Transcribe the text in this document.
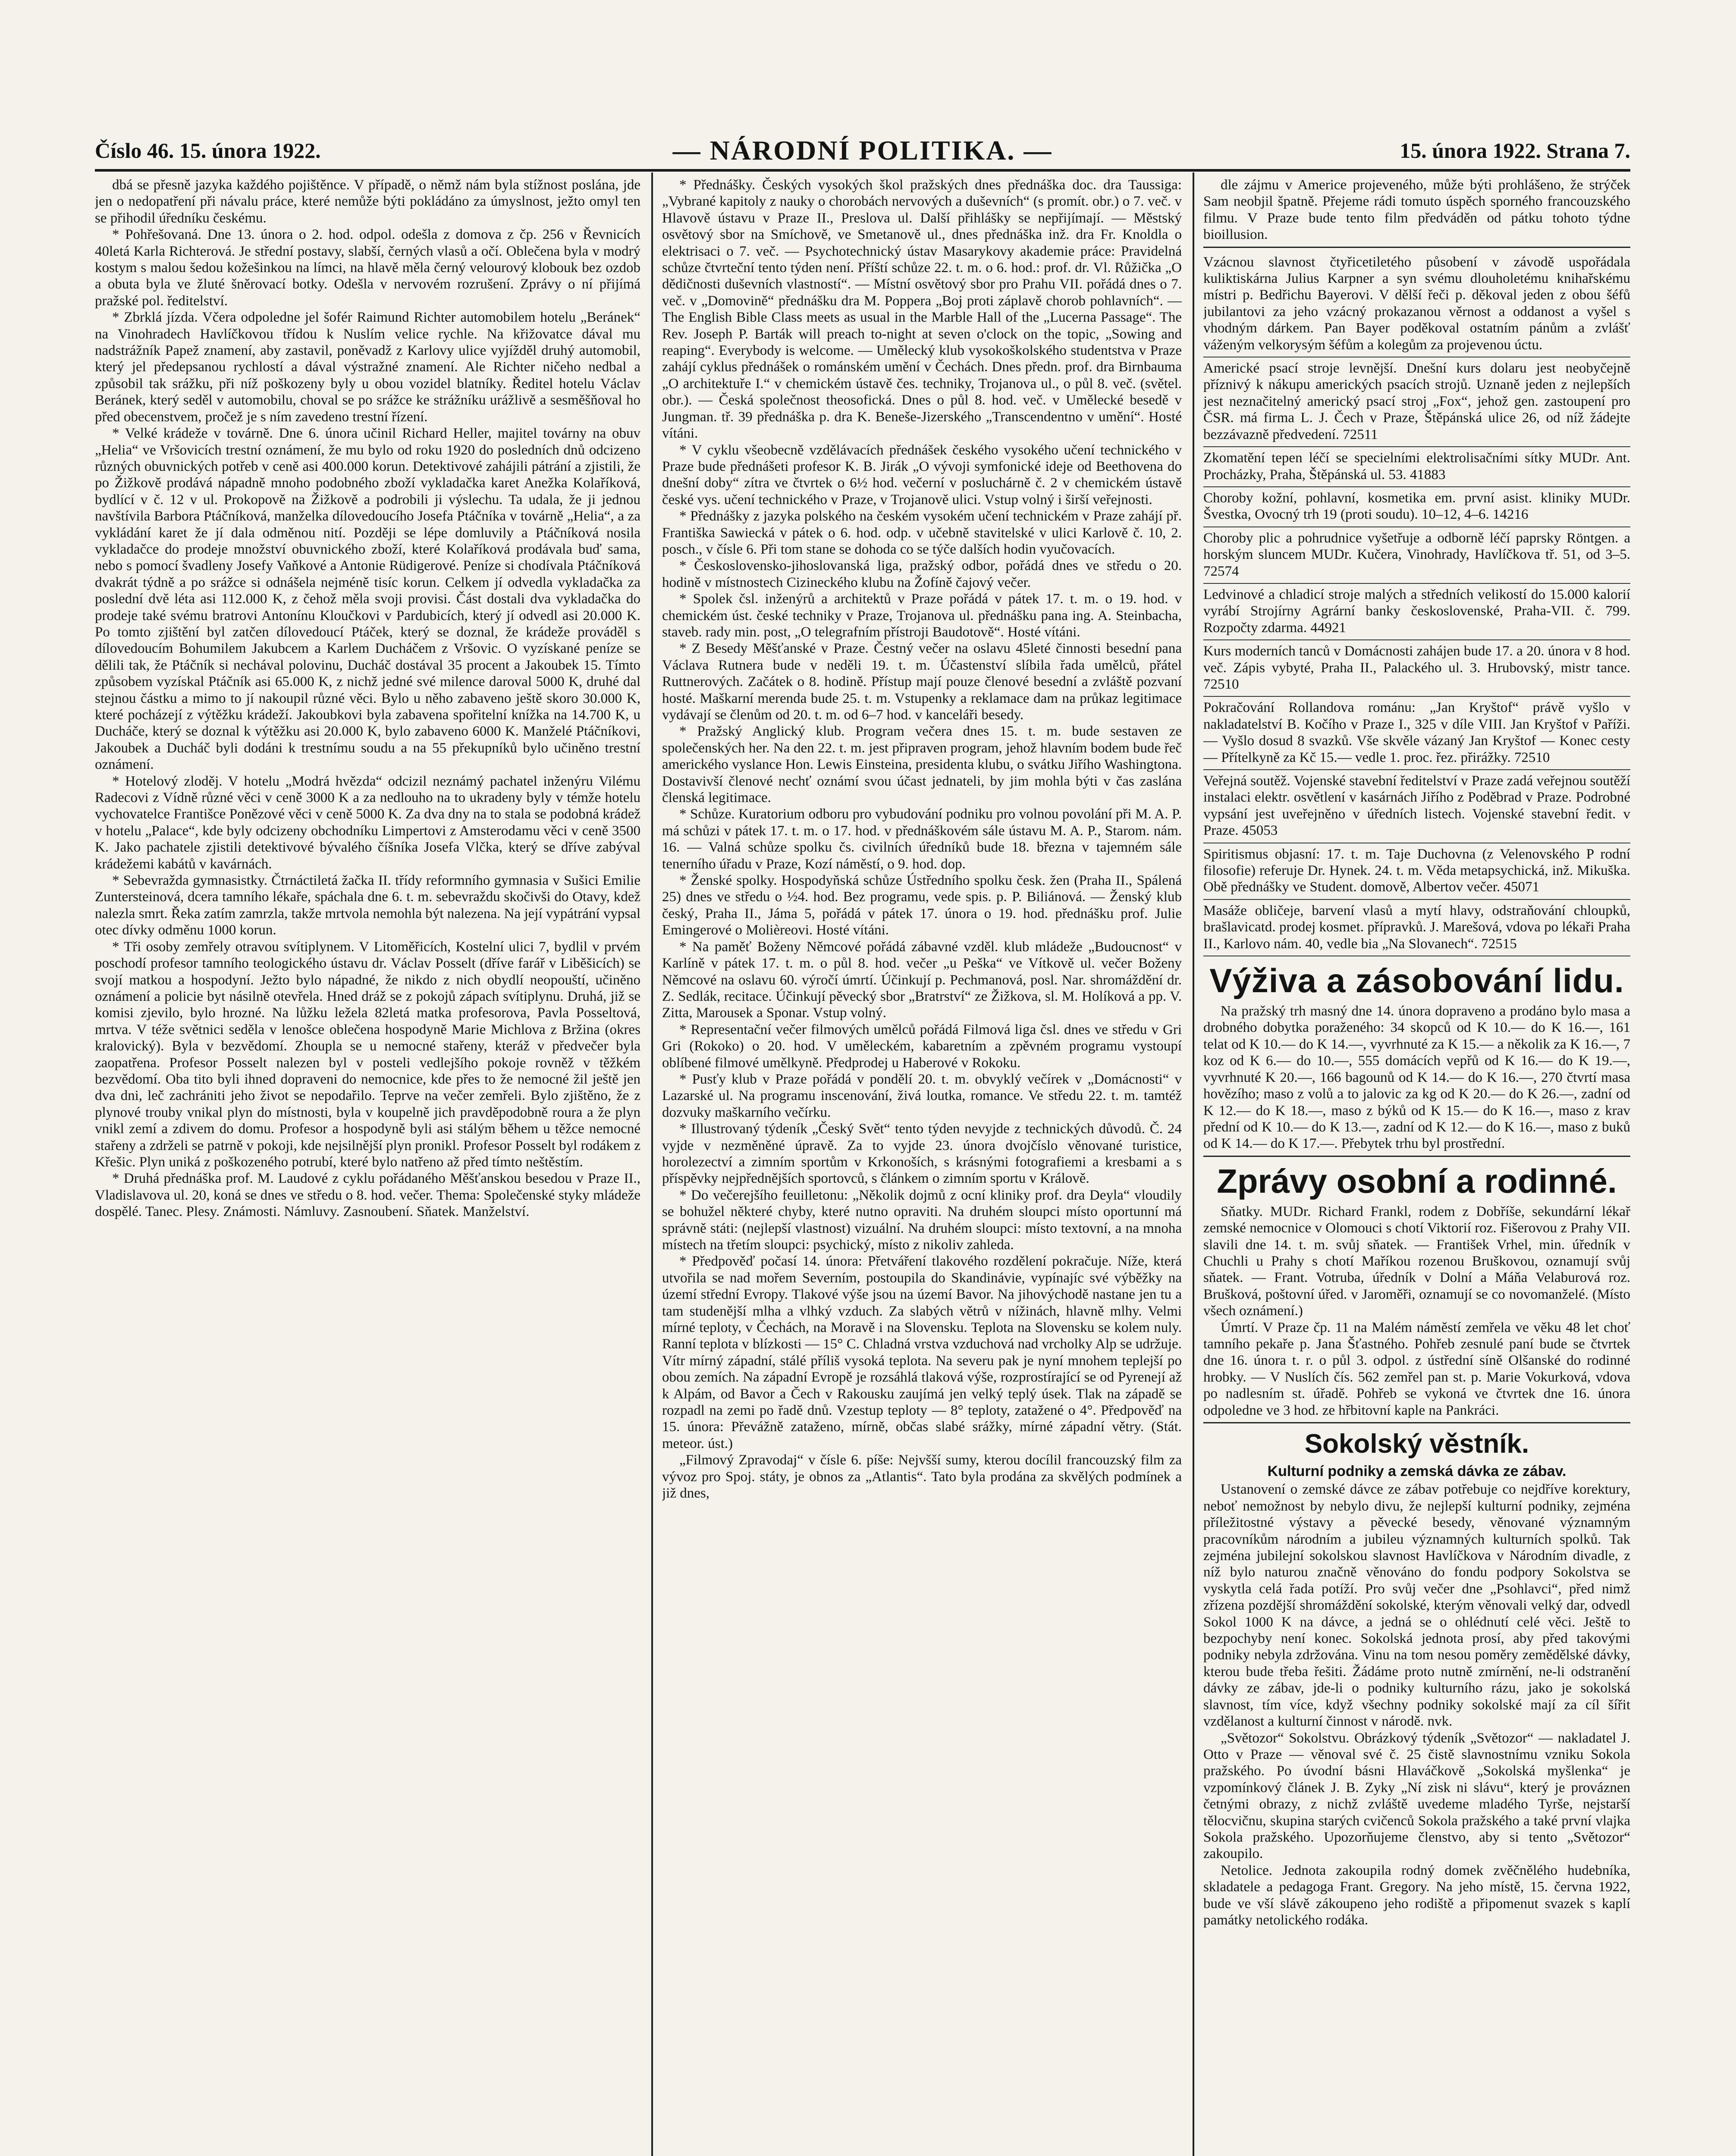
Číslo 46. 15. února 1922.	— NÁRODNÍ POLITIKA. —	15. února 1922. Strana 7.

dbá se přesně jazyka každého pojištěnce. V případě, o němž nám byla stížnost poslána, jde jen o nedopatření při návalu práce, které nemůže býti pokládáno za úmyslnost, ježto omyl ten se přihodil úředníku českému.

* Pohřešovaná. Dne 13. února o 2. hod. odpol. odešla z domova z čp. 256 v Řevnicích 40letá Karla Richterová. Je střední postavy, slabší, černých vlasů a očí. Oblečena byla v modrý kostym s malou šedou kožešinkou na límci, na hlavě měla černý velourový klobouk bez ozdob a obuta byla ve žluté šněrovací botky. Odešla v nervovém rozrušení. Zprávy o ní přijímá pražské pol. ředitelství.

* Zbrklá jízda. Včera odpoledne jel šofér Raimund Richter automobilem hotelu „Beránek“ na Vinohradech Havlíčkovou třídou k Nuslím velice rychle. Na křižovatce dával mu nadstrážník Papež znamení, aby zastavil, poněvadž z Karlovy ulice vyjížděl druhý automobil, který jel předepsanou rychlostí a dával výstražné znamení. Ale Richter ničeho nedbal a způsobil tak srážku, při níž poškozeny byly u obou vozidel blatníky. Ředitel hotelu Václav Beránek, který seděl v automobilu, choval se po srážce ke strážníku urážlivě a sesměšňoval ho před obecenstvem, pročež je s ním zavedeno trestní řízení.

* Velké krádeže v továrně. Dne 6. února učinil Richard Heller, majitel továrny na obuv „Helia“ ve Vršovicích trestní oznámení, že mu bylo od roku 1920 do posledních dnů odcizeno různých obuvnických potřeb v ceně asi 400.000 korun. Detektivové zahájili pátrání a zjistili, že po Žižkově prodává nápadně mnoho podobného zboží vykladačka karet Anežka Kolaříková, bydlící v č. 12 v ul. Prokopově na Žižkově a podrobili ji výslechu. Ta udala, že ji jednou navštívila Barbora Ptáčníková, manželka dílovedoucího Josefa Ptáčníka v továrně „Helia“, a za vykládání karet že jí dala odměnou nití. Později se lépe domluvily a Ptáčníková nosila vykladačce do prodeje množství obuvnického zboží, které Kolaříková prodávala buď sama, nebo s pomocí švadleny Josefy Vaňkové a Antonie Rüdigerové. Peníze si chodívala Ptáčníková dvakrát týdně a po srážce si odnášela nejméně tisíc korun. Celkem jí odvedla vykladačka za poslední dvě léta asi 112.000 K, z čehož měla svoji provisi. Část dostali dva vykladačka do prodeje také svému bratrovi Antonínu Kloučkovi v Pardubicích, který jí odvedl asi 20.000 K. Po tomto zjištění byl zatčen dílovedoucí Ptáček, který se doznal, že krádeže prováděl s dílovedoucím Bohumilem Jakubcem a Karlem Ducháčem z Vršovic. O vyzískané peníze se dělili tak, že Ptáčník si nechával polovinu, Ducháč dostával 35 procent a Jakoubek 15. Tímto způsobem vyzískal Ptáčník asi 65.000 K, z nichž jedné své milence daroval 5000 K, druhé dal stejnou částku a mimo to jí nakoupil různé věci. Bylo u něho zabaveno ještě skoro 30.000 K, které pocházejí z výtěžku krádeží. Jakoubkovi byla zabavena spořitelní knížka na 14.700 K, u Ducháče, který se doznal k výtěžku asi 20.000 K, bylo zabaveno 6000 K. Manželé Ptáčníkovi, Jakoubek a Ducháč byli dodáni k trestnímu soudu a na 55 překupníků bylo učiněno trestní oznámení.

* Hotelový zloděj. V hotelu „Modrá hvězda“ odcizil neznámý pachatel inženýru Vilému Radecovi z Vídně různé věci v ceně 3000 K a za nedlouho na to ukradeny byly v témže hotelu vychovatelce Františce Ponězové věci v ceně 5000 K. Za dva dny na to stala se podobná krádež v hotelu „Palace“, kde byly odcizeny obchodníku Limpertovi z Amsterodamu věci v ceně 3500 K. Jako pachatele zjistili detektivové bývalého číšníka Josefa Vlčka, který se dříve zabýval krádežemi kabátů v kavárnách.

* Sebevražda gymnasistky. Čtrnáctiletá žačka II. třídy reformního gymnasia v Sušici Emilie Zuntersteinová, dcera tamního lékaře, spáchala dne 6. t. m. sebevraždu skočivši do Otavy, kdež nalezla smrt. Řeka zatím zamrzla, takže mrtvola nemohla být nalezena. Na její vypátrání vypsal otec dívky odměnu 1000 korun.

* Tři osoby zemřely otravou svítiplynem. V Litoměřicích, Kostelní ulici 7, bydlil v prvém poschodí profesor tamního teologického ústavu dr. Václav Posselt (dříve farář v Liběšicích) se svojí matkou a hospodyní. Ježto bylo nápadné, že nikdo z nich obydlí neopouští, učiněno oznámení a policie byt násilně otevřela. Hned dráž se z pokojů zápach svítiplynu. Druhá, již se komisi zjevilo, bylo hrozné. Na lůžku ležela 82letá matka profesorova, Pavla Posseltová, mrtva. V téže světnici seděla v lenošce oblečena hospodyně Marie Michlova z Bržina (okres kralovický). Byla v bezvědomí. Zhoupla se u nemocné stařeny, kteráž v předvečer byla zaopatřena. Profesor Posselt nalezen byl v posteli vedlejšího pokoje rovněž v těžkém bezvědomí. Oba tito byli ihned dopraveni do nemocnice, kde přes to že nemocné žil ještě jen dva dni, leč zachrániti jeho život se nepodařilo. Teprve na večer zemřeli. Bylo zjištěno, že z plynové trouby vnikal plyn do místnosti, byla v koupelně jich pravděpodobně roura a že plyn vnikl zemí a zdivem do domu. Profesor a hospodyně byli asi stálým během u těžce nemocné stařeny a zdrželi se patrně v pokoji, kde nejsilnější plyn pronikl. Profesor Posselt byl rodákem z Křešic. Plyn uniká z poškozeného potrubí, které bylo natřeno až před tímto neštěstím.

* Druhá přednáška prof. M. Laudové z cyklu pořádaného Měšťanskou besedou v Praze II., Vladislavova ul. 20, koná se dnes ve středu o 8. hod. večer. Thema: Společenské styky mládeže dospělé. Tanec. Plesy. Známosti. Námluvy. Zasnoubení. Sňatek. Manželství.

* Přednášky. Českých vysokých škol pražských dnes přednáška doc. dra Taussiga: „Vybrané kapitoly z nauky o chorobách nervových a duševních“ (s promít. obr.) o 7. več. v Hlavově ústavu v Praze II., Preslova ul. Další přihlášky se nepřijímají. — Městský osvětový sbor na Smíchově, ve Smetanově ul., dnes přednáška inž. dra Fr. Knoldla o elektrisaci o 7. več. — Psychotechnický ústav Masarykovy akademie práce: Pravidelná schůze čtvrteční tento týden není. Příští schůze 22. t. m. o 6. hod.: prof. dr. Vl. Růžička „O dědičnosti duševních vlastností“. — Místní osvětový sbor pro Prahu VII. pořádá dnes o 7. več. v „Domovině“ přednášku dra M. Poppera „Boj proti záplavě chorob pohlavních“. — The English Bible Class meets as usual in the Marble Hall of the „Lucerna Passage“. The Rev. Joseph P. Barták will preach to-night at seven o'clock on the topic, „Sowing and reaping“. Everybody is welcome. — Umělecký klub vysokoškolského studentstva v Praze zahájí cyklus přednášek o románském umění v Čechách. Dnes předn. prof. dra Birnbauma „O architektuře I.“ v chemickém ústavě čes. techniky, Trojanova ul., o půl 8. več. (světel. obr.). — Česká společnost theosofická. Dnes o půl 8. hod. več. v Umělecké besedě v Jungman. tř. 39 přednáška p. dra K. Beneše-Jizerského „Transcendentno v umění“. Hosté vítáni.

* V cyklu všeobecně vzdělávacích přednášek českého vysokého učení technického v Praze bude přednášeti profesor K. B. Jirák „O vývoji symfonické ideje od Beethovena do dnešní doby“ zítra ve čtvrtek o 6½ hod. večerní v posluchárně č. 2 v chemickém ústavě české vys. učení technického v Praze, v Trojanově ulici. Vstup volný i širší veřejnosti.

* Přednášky z jazyka polského na českém vysokém učení technickém v Praze zahájí př. Františka Sawiecká v pátek o 6. hod. odp. v učebně stavitelské v ulici Karlově č. 10, 2. posch., v čísle 6. Při tom stane se dohoda co se týče dalších hodin vyučovacích.

* Československo-jihoslovanská liga, pražský odbor, pořádá dnes ve středu o 20. hodině v místnostech Cizineckého klubu na Žofíně čajový večer.

* Spolek čsl. inženýrů a architektů v Praze pořádá v pátek 17. t. m. o 19. hod. v chemickém úst. české techniky v Praze, Trojanova ul. přednášku pana ing. A. Steinbacha, staveb. rady min. post, „O telegrafním přístroji Baudotově“. Hosté vítáni.

* Z Besedy Měšťanské v Praze. Čestný večer na oslavu 45leté činnosti besední pana Václava Rutnera bude v neděli 19. t. m. Účastenství slíbila řada umělců, přátel Ruttnerových. Začátek o 8. hodině. Přístup mají pouze členové besední a zvláště pozvaní hosté. Maškarní merenda bude 25. t. m. Vstupenky a reklamace dam na průkaz legitimace vydávají se členům od 20. t. m. od 6–7 hod. v kanceláři besedy.

* Pražský Anglický klub. Program večera dnes 15. t. m. bude sestaven ze společenských her. Na den 22. t. m. jest připraven program, jehož hlavním bodem bude řeč amerického vyslance Hon. Lewis Einsteina, presidenta klubu, o svátku Jiřího Washingtona. Dostavivší členové nechť oznámí svou účast jednateli, by jim mohla býti v čas zaslána členská legitimace.

* Schůze. Kuratorium odboru pro vybudování podniku pro volnou povolání při M. A. P. má schůzi v pátek 17. t. m. o 17. hod. v přednáškovém sále ústavu M. A. P., Starom. nám. 16. — Valná schůze spolku čs. civilních úředníků bude 18. března v tajemném sále tenerního úřadu v Praze, Kozí náměstí, o 9. hod. dop.

* Ženské spolky. Hospodyňská schůze Ústředního spolku česk. žen (Praha II., Spálená 25) dnes ve středu o ½4. hod. Bez programu, vede spis. p. P. Biliánová. — Ženský klub český, Praha II., Jáma 5, pořádá v pátek 17. února o 19. hod. přednášku prof. Julie Emingerové o Molièreovi. Hosté vítáni.

* Na paměť Boženy Němcové pořádá zábavné vzděl. klub mládeže „Budoucnost“ v Karlíně v pátek 17. t. m. o půl 8. hod. večer „u Peška“ ve Vítkově ul. večer Boženy Němcové na oslavu 60. výročí úmrtí. Účinkují p. Pechmanová, posl. Nar. shromáždění dr. Z. Sedlák, recitace. Účinkují pěvecký sbor „Bratrství“ ze Žižkova, sl. M. Holíková a pp. V. Zitta, Marousek a Sponar. Vstup volný.

* Representační večer filmových umělců pořádá Filmová liga čsl. dnes ve středu v Gri Gri (Rokoko) o 20. hod. V uměleckém, kabaretním a zpěvném programu vystoupí oblíbené filmové umělkyně. Předprodej u Haberové v Rokoku.

* Pusťy klub v Praze pořádá v pondělí 20. t. m. obvyklý večírek v „Domácnosti“ v Lazarské ul. Na programu inscenování, živá loutka, romance. Ve středu 22. t. m. tamtéž dozvuky maškarního večírku.

* Illustrovaný týdeník „Český Svět“ tento týden nevyjde z technických důvodů. Č. 24 vyjde v nezměněné úpravě. Za to vyjde 23. února dvojčíslo věnované turistice, horolezectví a zimním sportům v Krkonoších, s krásnými fotografiemi a kresbami a s příspěvky nejpřednějších sportovců, s článkem o zimním sportu v Králově.

* Do večerejšího feuilletonu: „Několik dojmů z ocní kliniky prof. dra Deyla“ vloudily se bohužel některé chyby, které nutno opraviti. Na druhém sloupci místo oportunní má správně státi: (nejlepší vlastnost) vizuální. Na druhém sloupci: místo textovní, a na mnoha místech na třetím sloupci: psychický, místo z nikoliv zahleda.

* Předpověď počasí 14. února: Přetváření tlakového rozdělení pokračuje. Níže, která utvořila se nad mořem Severním, postoupila do Skandinávie, vypínajíc své výběžky na území střední Evropy. Tlakové výše jsou na území Bavor. Na jihovýchodě nastane jen tu a tam studenější mlha a vlhký vzduch. Za slabých větrů v nížinách, hlavně mlhy. Velmi mírné teploty, v Čechách, na Moravě i na Slovensku. Teplota na Slovensku se kolem nuly. Ranní teplota v blízkosti — 15° C. Chladná vrstva vzduchová nad vrcholky Alp se udržuje. Vítr mírný západní, stálé příliš vysoká teplota. Na severu pak je nyní mnohem teplejší po obou zemích. Na západní Evropě je rozsáhlá tlaková výše, rozprostírající se od Pyrenejí až k Alpám, od Bavor a Čech v Rakousku zaujímá jen velký teplý úsek. Tlak na západě se rozpadl na zemi po řadě dnů. Vzestup teploty — 8° teploty, zatažené o 4°. Předpověď na 15. února: Převážně zataženo, mírně, občas slabé srážky, mírné západní větry. (Stát. meteor. úst.)

„Filmový Zpravodaj“ v čísle 6. píše: Nejvšší sumy, kterou docílil francouzský film za vývoz pro Spoj. státy, je obnos za „Atlantis“. Tato byla prodána za skvělých podmínek a již dnes,

dle zájmu v Americe projeveného, může býti prohlášeno, že strýček Sam neobjil špatně. Přejeme rádi tomuto úspěch sporného francouzského filmu. V Praze bude tento film předváděn od pátku tohoto týdne bioillusion.

Vzácnou slavnost čtyřicetiletého působení v závodě uspořádala kuliktiskárna Julius Karpner a syn svému dlouholetému knihařskému místri p. Bedřichu Bayerovi. V dělší řeči p. děkoval jeden z obou šéfů jubilantovi za jeho vzácný prokazanou věrnost a oddanost a vyšel s vhodným dárkem. Pan Bayer poděkoval ostatním pánům a zvlášť váženým velkorysým šéfům a kolegům za projevenou úctu.
Americké psací stroje levnější. Dnešní kurs dolaru jest neobyčejně příznivý k nákupu amerických psacích strojů. Uznaně jeden z nejlepších jest neznačitelný americký psací stroj „Fox“, jehož gen. zastoupení pro ČSR. má firma L. J. Čech v Praze, Štěpánská ulice 26, od níž žádejte bezzávazně předvedení. 72511
Zkomatění tepen léčí se specielními elektrolisačními sítky MUDr. Ant. Procházky, Praha, Štěpánská ul. 53. 41883
Choroby kožní, pohlavní, kosmetika em. první asist. kliniky MUDr. Švestka, Ovocný trh 19 (proti soudu). 10–12, 4–6. 14216
Choroby plic a pohrudnice vyšetřuje a odborně léčí paprsky Röntgen. a horským sluncem MUDr. Kučera, Vinohrady, Havlíčkova tř. 51, od 3–5. 72574
Ledvinové a chladicí stroje malých a středních velikostí do 15.000 kalorií vyrábí Strojírny Agrární banky československé, Praha-VII. č. 799. Rozpočty zdarma. 44921
Kurs moderních tanců v Domácnosti zahájen bude 17. a 20. února v 8 hod. več. Zápis vybyté, Praha II., Palackého ul. 3. Hrubovský, mistr tance. 72510
Pokračování Rollandova románu: „Jan Kryštof“ právě vyšlo v nakladatelství B. Kočího v Praze I., 325 v díle VIII. Jan Kryštof v Paříži. — Vyšlo dosud 8 svazků. Vše skvěle vázaný Jan Kryštof — Konec cesty — Přítelkyně za Kč 15.— vedle 1. proc. řez. přirážky. 72510
Veřejná soutěž. Vojenské stavební ředitelství v Praze zadá veřejnou soutěží instalaci elektr. osvětlení v kasárnách Jiřího z Poděbrad v Praze. Podrobné vypsání jest uveřejněno v úředních listech. Vojenské stavební ředit. v Praze. 45053
Spiritismus objasní: 17. t. m. Taje Duchovna (z Velenovského P rodní filosofie) referuje Dr. Hynek. 24. t. m. Věda metapsychická, inž. Mikuška. Obě přednášky ve Student. domově, Albertov večer. 45071
Masáže obličeje, barvení vlasů a mytí hlavy, odstraňování chloupků, brašlavicatd. prodej kosmet. přípravků. J. Marešová, vdova po lékaři Praha II., Karlovo nám. 40, vedle bia „Na Slovanech“. 72515
Výživa a zásobování lidu.

Na pražský trh masný dne 14. února dopraveno a prodáno bylo masa a drobného dobytka poraženého: 34 skopců od K 10.— do K 16.—, 161 telat od K 10.— do K 14.—, vyvrhnuté za K 15.— a několik za K 16.—, 7 koz od K 6.— do 10.—, 555 domácích vepřů od K 16.— do K 19.—, vyvrhnuté K 20.—, 166 bagounů od K 14.— do K 16.—, 270 čtvrtí masa hovězího; maso z volů a to jalovic za kg od K 20.— do K 26.—, zadní od K 12.— do K 18.—, maso z býků od K 15.— do K 16.—, maso z krav přední od K 10.— do K 13.—, zadní od K 12.— do K 16.—, maso z buků od K 14.— do K 17.—. Přebytek trhu byl prostřední.

Zprávy osobní a rodinné.

Sňatky. MUDr. Richard Frankl, rodem z Dobříše, sekundární lékař zemské nemocnice v Olomouci s chotí Viktorií roz. Fišerovou z Prahy VII. slavili dne 14. t. m. svůj sňatek. — František Vrhel, min. úředník v Chuchli u Prahy s chotí Maříkou rozenou Bruškovou, oznamují svůj sňatek. — Frant. Votruba, úředník v Dolní a Máňa Velaburová roz. Brušková, poštovní úřed. v Jaroměři, oznamují se co novomanželé. (Místo všech oznámení.)

Úmrtí. V Praze čp. 11 na Malém náměstí zemřela ve věku 48 let choť tamního pekaře p. Jana Šťastného. Pohřeb zesnulé paní bude se čtvrtek dne 16. února t. r. o půl 3. odpol. z ústřední síně Olšanské do rodinné hrobky. — V Nuslích čís. 562 zemřel pan st. p. Marie Vokurková, vdova po nadlesním st. úřadě. Pohřeb se vykoná ve čtvrtek dne 16. února odpoledne ve 3 hod. ze hřbitovní kaple na Pankráci.

Sokolský věstník.
Kulturní podniky a zemská dávka ze zábav.

Ustanovení o zemské dávce ze zábav potřebuje co nejdříve korektury, neboť nemožnost by nebylo divu, že nejlepší kulturní podniky, zejména příležitostné výstavy a pěvecké besedy, věnované významným pracovníkům národním a jubileu významných kulturních spolků. Tak zejména jubilejní sokolskou slavnost Havlíčkova v Národním divadle, z níž bylo naturou značně věnováno do fondu podpory Sokolstva se vyskytla celá řada potíží. Pro svůj večer dne „Psohlavci“, před nimž zřízena pozdější shromáždění sokolské, kterým věnovali velký dar, odvedl Sokol 1000 K na dávce, a jedná se o ohlédnutí celé věci. Ještě to bezpochyby není konec. Sokolská jednota prosí, aby před takovými podniky nebyla zdržována. Vinu na tom nesou poměry zemědělské dávky, kterou bude třeba řešiti. Žádáme proto nutně zmírnění, ne-li odstranění dávky ze zábav, jde-li o podniky kulturního rázu, jako je sokolská slavnost, tím více, když všechny podniky sokolské mají za cíl šířit vzdělanost a kulturní činnost v národě. nvk.

„Světozor“ Sokolstvu. Obrázkový týdeník „Světozor“ — nakladatel J. Otto v Praze — věnoval své č. 25 čistě slavnostnímu vzniku Sokola pražského. Po úvodní básni Hlaváčkově „Sokolská myšlenka“ je vzpomínkový článek J. B. Zyky „Ní zisk ni slávu“, který je prováznen četnými obrazy, z nichž zvláště uvedeme mladého Tyrše, nejstarší tělocvičnu, skupina starých cvičenců Sokola pražského a také první vlajka Sokola pražského. Upozorňujeme členstvo, aby si tento „Světozor“ zakoupilo.

Netolice. Jednota zakoupila rodný domek zvěčnělého hudebníka, skladatele a pedagoga Frant. Gregory. Na jeho místě, 15. června 1922, bude ve vší slávě zákoupeno jeho rodiště a připomenut svazek s kaplí památky netolického rodáka.
